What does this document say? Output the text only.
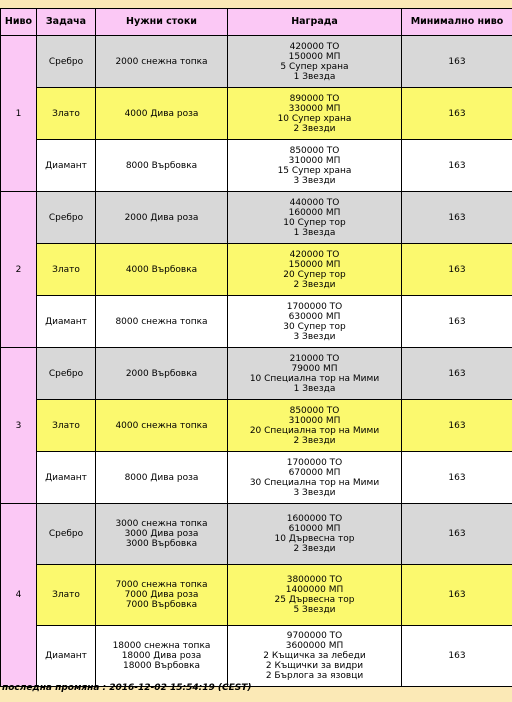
Ниво	Задача	Нужни стоки	Награда	Минимално ниво
1	Сребро	2000 снежна топка	420000 ТО
150000 МП
5 Супер храна
1 Звезда	163
	Злато	4000 Дива роза	890000 ТО
330000 МП
10 Супер храна
2 Звезди	163
	Диамант	8000 Върбовка	850000 ТО
310000 МП
15 Супер храна
3 Звезди	163
2	Сребро	2000 Дива роза	440000 ТО
160000 МП
10 Супер тор
1 Звезда	163
	Злато	4000 Върбовка	420000 ТО
150000 МП
20 Супер тор
2 Звезди	163
	Диамант	8000 снежна топка	1700000 ТО
630000 МП
30 Супер тор
3 Звезди	163
3	Сребро	2000 Върбовка	210000 ТО
79000 МП
10 Специална тор на Мими
1 Звезда	163
	Злато	4000 снежна топка	850000 ТО
310000 МП
20 Специална тор на Мими
2 Звезди	163
	Диамант	8000 Дива роза	1700000 ТО
670000 МП
30 Специална тор на Мими
3 Звезди	163
4	Сребро	3000 снежна топка
3000 Дива роза
3000 Върбовка	1600000 ТО
610000 МП
10 Дървесна тор
2 Звезди	163
	Злато	7000 снежна топка
7000 Дива роза
7000 Върбовка	3800000 ТО
1400000 МП
25 Дървесна тор
5 Звезди	163
	Диамант	18000 снежна топка
18000 Дива роза
18000 Върбовка	9700000 ТО
3600000 МП
2 Къщичка за лебеди
2 Къщички за видри
2 Бърлога за язовци	163
последна промяна : 2016-12-02 15:54:19 (CEST)
